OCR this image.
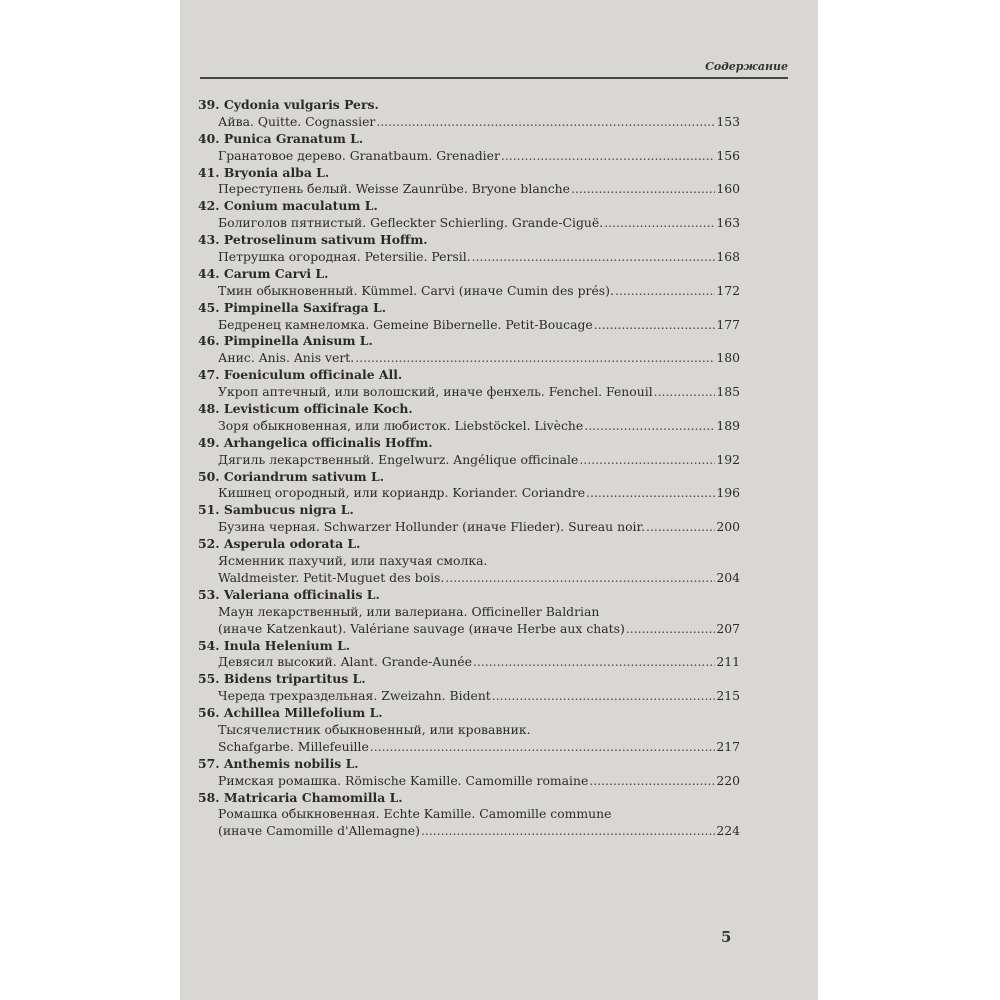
Содержание
39. Cydonia vulgaris Pers.
Айва. Quitte. Cognassier .....	153
40. Punica Granatum L.
Гранатовое дерево. Granatbaum. Grenadier .....	156
41. Bryonia alba L.
Переступень белый. Weisse Zaunrübe. Bryone blanche .....	160
42. Conium maculatum L.
Болиголов пятнистый. Gefleckter Schierling. Grande-Ciguë. .....	163
43. Petroselinum sativum Hoffm.
Петрушка огородная. Petersilie. Persil. .....	168
44. Carum Carvi L.
Тмин обыкновенный. Kümmel. Carvi (иначе Cumin des prés). .....	172
45. Pimpinella Saxifraga L.
Бедренец камнеломка. Gemeine Bibernelle. Petit-Boucage .....	177
46. Pimpinella Anisum L.
Анис. Anis. Anis vert. .....	180
47. Foeniculum officinale All.
Укроп аптечный, или волошский, иначе фенхель. Fenchel. Fenouil .....	185
48. Levisticum officinale Koch.
Зоря обыкновенная, или любисток. Liebstöckel. Livèche .....	189
49. Arhangelica officinalis Hoffm.
Дягиль лекарственный. Engelwurz. Angélique officinale .....	192
50. Coriandrum sativum L.
Кишнец огородный, или кориандр. Koriander. Coriandre .....	196
51. Sambucus nigra L.
Бузина черная. Schwarzer Hollunder (иначе Flieder). Sureau noir. .....	200
52. Asperula odorata L.
Ясменник пахучий, или пахучая смолка.
Waldmeister. Petit-Muguet des bois. .....	204
53. Valeriana officinalis L.
Маун лекарственный, или валериана. Officineller Baldrian
(иначе Katzenkaut). Valériane sauvage (иначе Herbe aux chats) .....	207
54. Inula Helenium L.
Девясил высокий. Alant. Grande-Aunée .....	211
55. Bidens tripartitus L.
Череда трехраздельная. Zweizahn. Bident .....	215
56. Achillea Millefolium L.
Тысячелистник обыкновенный, или кровавник.
Schafgarbe. Millefeuille .....	217
57. Anthemis nobilis L.
Римская ромашка. Römische Kamille. Camomille romaine .....	220
58. Matricaria Chamomilla L.
Ромашка обыкновенная. Echte Kamille. Camomille commune
(иначе Camomille d'Allemagne) .....	224
5
